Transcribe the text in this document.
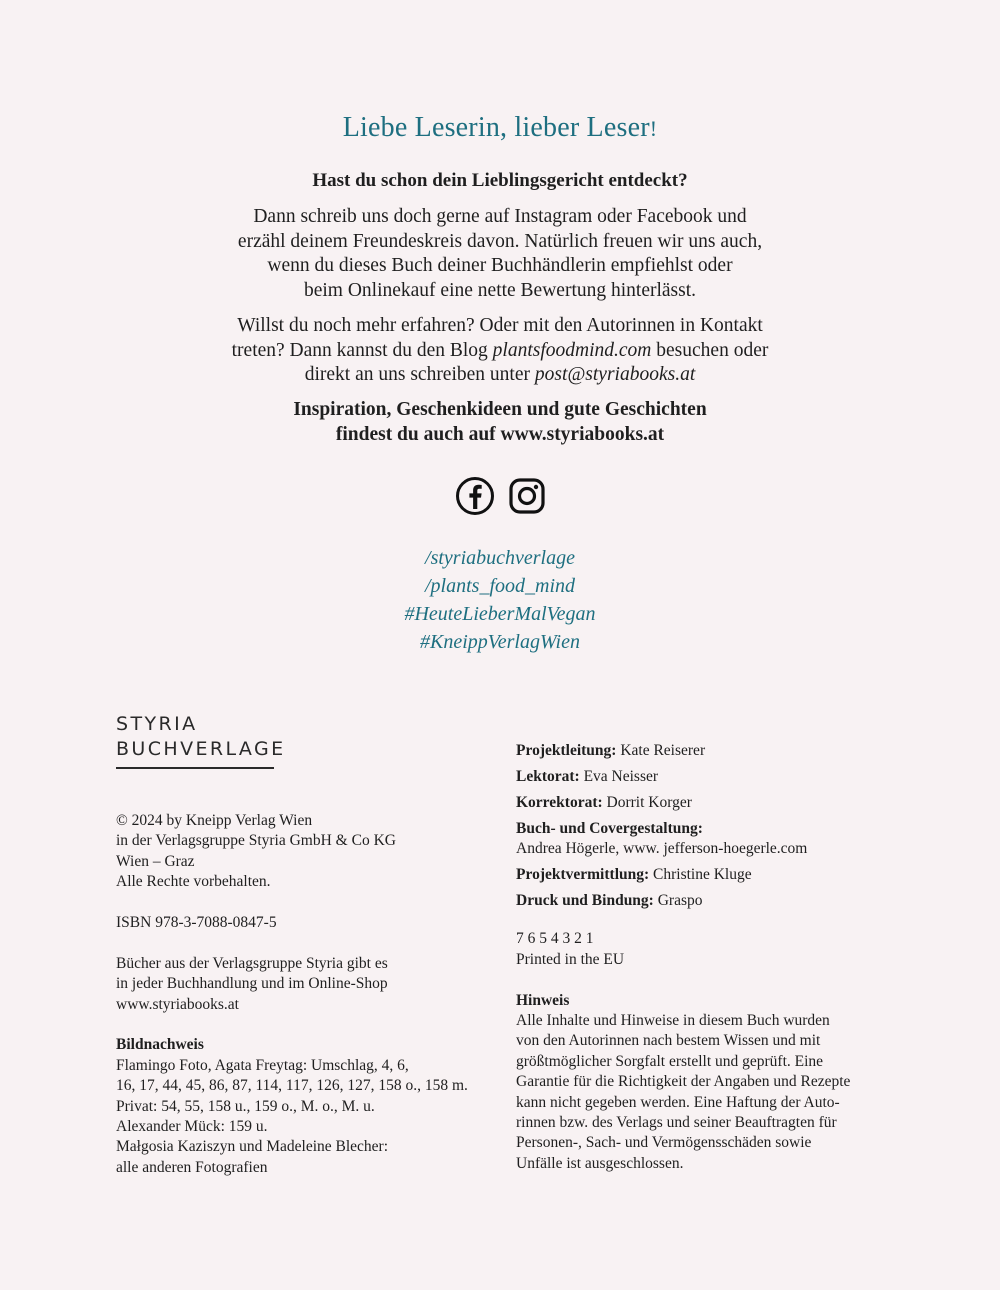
Liebe Leserin, lieber Leser!

Hast du schon dein Lieblingsgericht entdeckt?

Dann schreib uns doch gerne auf Instagram oder Facebook und
erzähl deinem Freundeskreis davon. Natürlich freuen wir uns auch,
wenn du dieses Buch deiner Buchhändlerin empfiehlst oder
beim Onlinekauf eine nette Bewertung hinterlässt.

Willst du noch mehr erfahren? Oder mit den Autorinnen in Kontakt
treten? Dann kannst du den Blog plantsfoodmind.com besuchen oder
direkt an uns schreiben unter post@styriabooks.at

Inspiration, Geschenkideen und gute Geschichten
findest du auch auf www.styriabooks.at

/styriabuchverlage
/plants_food_mind
#HeuteLieberMalVegan
#KneippVerlagWien
STYRIA
BUCHVERLAGE
© 2024 by Kneipp Verlag Wien
in der Verlagsgruppe Styria GmbH & Co KG
Wien – Graz
Alle Rechte vorbehalten.
ISBN 978-3-7088-0847-5
Bücher aus der Verlagsgruppe Styria gibt es
in jeder Buchhandlung und im Online-Shop
www.styriabooks.at
Bildnachweis
Flamingo Foto, Agata Freytag: Umschlag, 4, 6,
16, 17, 44, 45, 86, 87, 114, 117, 126, 127, 158 o., 158 m.
Privat: 54, 55, 158 u., 159 o., M. o., M. u.
Alexander Mück: 159 u.
Małgosia Kaziszyn und Madeleine Blecher:
alle anderen Fotografien
Projektleitung: Kate Reiserer
Lektorat: Eva Neisser
Korrektorat: Dorrit Korger
Buch- und Covergestaltung:
Andrea Högerle, www. jefferson-hoegerle.com
Projektvermittlung: Christine Kluge
Druck und Bindung: Graspo
7 6 5 4 3 2 1
Printed in the EU
Hinweis
Alle Inhalte und Hinweise in diesem Buch wurden
von den Autorinnen nach bestem Wissen und mit
größtmöglicher Sorgfalt erstellt und geprüft. Eine
Garantie für die Richtigkeit der Angaben und Rezepte
kann nicht gegeben werden. Eine Haftung der Auto-
rinnen bzw. des Verlags und seiner Beauftragten für
Personen-, Sach- und Vermögensschäden sowie
Unfälle ist ausgeschlossen.
